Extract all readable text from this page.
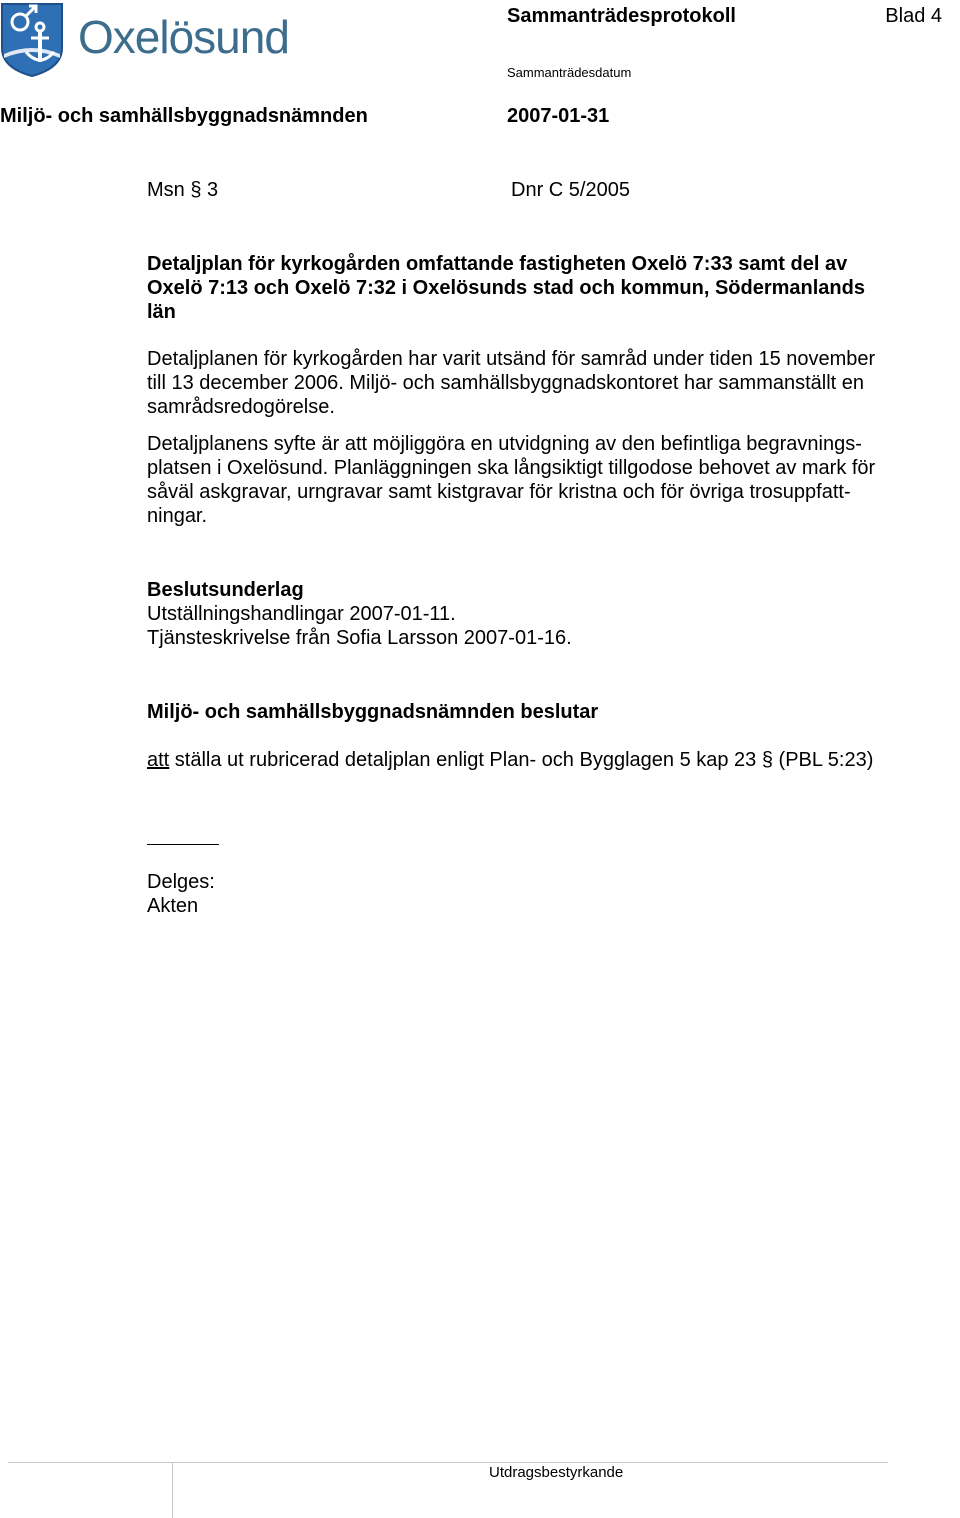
Oxelösund	Sammanträdesprotokoll	Blad 4
Sammanträdesdatum
Miljö- och samhällsbyggnadsnämnden	2007-01-31
Msn § 3	Dnr C 5/2005
Detaljplan för kyrkogården omfattande fastigheten Oxelö 7:33 samt del av
Oxelö 7:13 och Oxelö 7:32 i Oxelösunds stad och kommun, Södermanlands
län
Detaljplanen för kyrkogården har varit utsänd för samråd under tiden 15 november
till 13 december 2006. Miljö- och samhällsbyggnadskontoret har sammanställt en
samrådsredogörelse.
Detaljplanens syfte är att möjliggöra en utvidgning av den befintliga begravnings-
platsen i Oxelösund. Planläggningen ska långsiktigt tillgodose behovet av mark för
såväl askgravar, urngravar samt kistgravar för kristna och för övriga trosuppfatt-
ningar.
Beslutsunderlag
Utställningshandlingar 2007-01-11.
Tjänsteskrivelse från Sofia Larsson 2007-01-16.
Miljö- och samhällsbyggnadsnämnden beslutar
att ställa ut rubricerad detaljplan enligt Plan- och Bygglagen 5 kap 23 § (PBL 5:23)
Delges:
Akten
Utdragsbestyrkande
